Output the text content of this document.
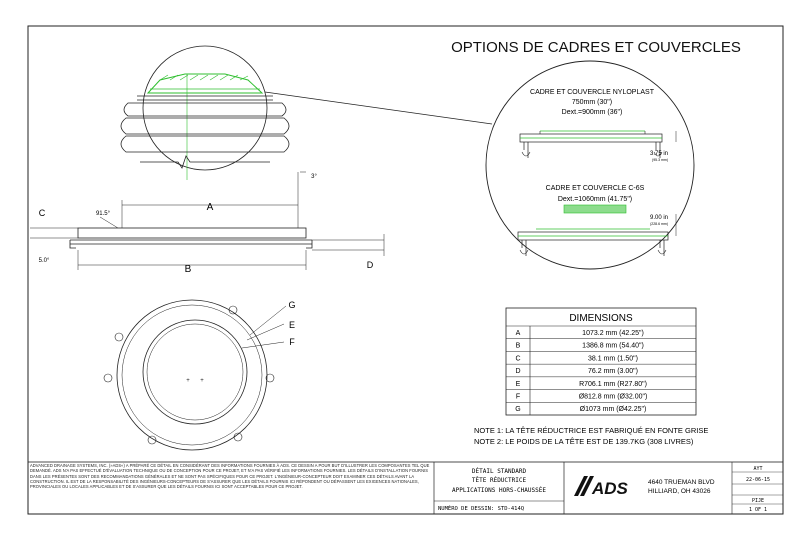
OPTIONS DE CADRES ET COUVERCLES
CADRE ET COUVERCLE NYLOPLAST
750mm (30")
Dext.=900mm (36")
3.75 in
(95.3 mm)
CADRE ET COUVERCLE C-6S
Dext.=1060mm (41.75")
9.00 in
(228.6 mm)
A
B
C
D
91.5°
5.0°
3°
+ +
G
E
F
A	1073.2 mm (42.25")
B	1386.8 mm (54.40")
C	38.1 mm (1.50")
D	76.2 mm (3.00")
E	R706.1 mm (R27.80")
F	Ø812.8 mm (Ø32.00")
G	Ø1073 mm (Ø42.25")
DIMENSIONS
NOTE 1: LA TÊTE RÉDUCTRICE EST FABRIQUÉ EN FONTE GRISE
NOTE 2: LE POIDS DE LA TÊTE EST DE 139.7KG (308 LIVRES)
ADVANCED DRAINAGE SYSTEMS, INC. (»ADS«) A PRÉPARÉ CE DÉTAIL EN CONSIDÉRANT DES INFORMATIONS FOURNIES À ADS. CE DESSIN A POUR BUT D'ILLUSTRER LES COMPOSANTES TEL QUE DEMANDÉ. ADS N'A PAS EFFECTUÉ D'ÉVALUATION TECHNIQUE OU DE CONCEPTION POUR CE PROJET, ET N'A PAS VÉRIFIÉ LES INFORMATIONS FOURNIES. LES DÉTAILS D'INSTALLATION FOURNIS DANS LES PRÉSENTES SONT DES RECOMMANDATIONS GÉNÉRALES ET NE SONT PAS SPÉCIFIQUES POUR CE PROJET. L'INGÉNIEUR-CONCEPTEUR DOIT EXAMINER CES DÉTAILS AVANT LA CONSTRUCTION. IL EST DE LA RESPONSABILITÉ DES INGÉNIEURS-CONCEPTEURS DE S'ASSURER QUE LES DÉTAILS FOURNIS ICI RÉPONDENT OU DÉPASSENT LES EXIGENCES NATIONALES, PROVINCIALES OU LOCALES APPLICABLES ET DE S'ASSURER QUE LES DÉTAILS FOURNIS ICI SONT ACCEPTABLES POUR CE PROJET.
DÉTAIL STANDARD
TÊTE RÉDUCTRICE
APPLICATIONS HORS-CHAUSSÉE
NUMÉRO DE DESSIN: STD-414Q
ADS	4640 TRUEMAN BLVD
HILLIARD, OH 43026
AYT
22-06-15
PIJE
1 OF 1
